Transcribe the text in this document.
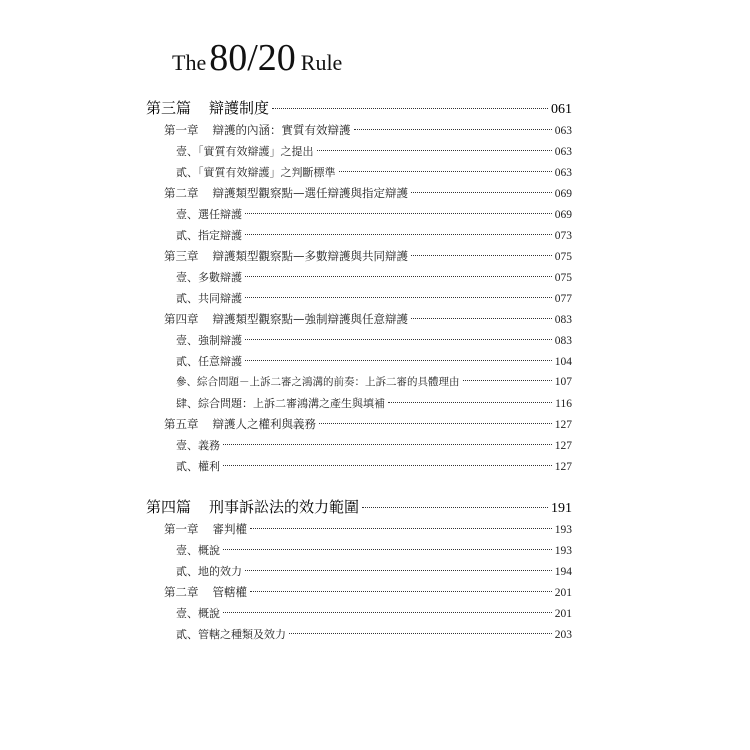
The 80/20 Rule
第三篇 辯護制度	061
第一章 辯護的內涵：實質有效辯護	063
壹、「實質有效辯護」之提出	063
貳、「實質有效辯護」之判斷標準	063
第二章 辯護類型觀察點—選任辯護與指定辯護	069
壹、選任辯護	069
貳、指定辯護	073
第三章 辯護類型觀察點—多數辯護與共同辯護	075
壹、多數辯護	075
貳、共同辯護	077
第四章 辯護類型觀察點—強制辯護與任意辯護	083
壹、強制辯護	083
貳、任意辯護	104
參、綜合問題－上訴二審之鴻溝的前奏：上訴二審的具體理由	107
肆、綜合問題：上訴二審鴻溝之產生與填補	116
第五章 辯護人之權利與義務	127
壹、義務	127
貳、權利	127
第四篇 刑事訴訟法的效力範圍	191
第一章 審判權	193
壹、概說	193
貳、地的效力	194
第二章 管轄權	201
壹、概說	201
貳、管轄之種類及效力	203
